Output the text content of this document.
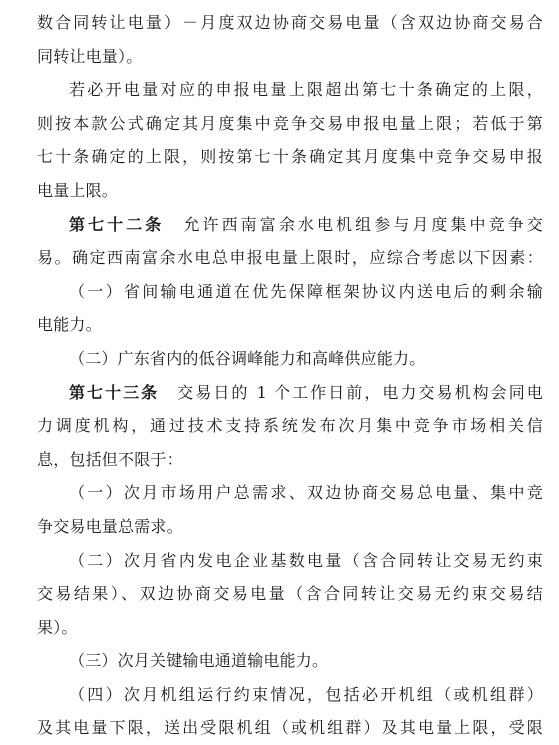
数合同转让电量）－月度双边协商交易电量（含双边协商交易合
同转让电量）。
若必开电量对应的申报电量上限超出第七十条确定的上限，
则按本款公式确定其月度集中竞争交易申报电量上限；若低于第
七十条确定的上限，则按第七十条确定其月度集中竞争交易申报
电量上限。
第七十二条　 允许西南富余水电机组参与月度集中竞争交
易。确定西南富余水电总申报电量上限时，应综合考虑以下因素：
（一）省间输电通道在优先保障框架协议内送电后的剩余输
电能力。
（二）广东省内的低谷调峰能力和高峰供应能力。
第七十三条　 交易日的 1 个工作日前，电力交易机构会同电
力调度机构，通过技术支持系统发布次月集中竞争市场相关信
息，包括但不限于：
（一）次月市场用户总需求、双边协商交易总电量、集中竞
争交易电量总需求。
（二）次月省内发电企业基数电量（含合同转让交易无约束
交易结果）、双边协商交易电量（含合同转让交易无约束交易结
果）。
（三）次月关键输电通道输电能力。
（四）次月机组运行约束情况，包括必开机组（或机组群）
及其电量下限，送出受限机组（或机组群）及其电量上限，受限
